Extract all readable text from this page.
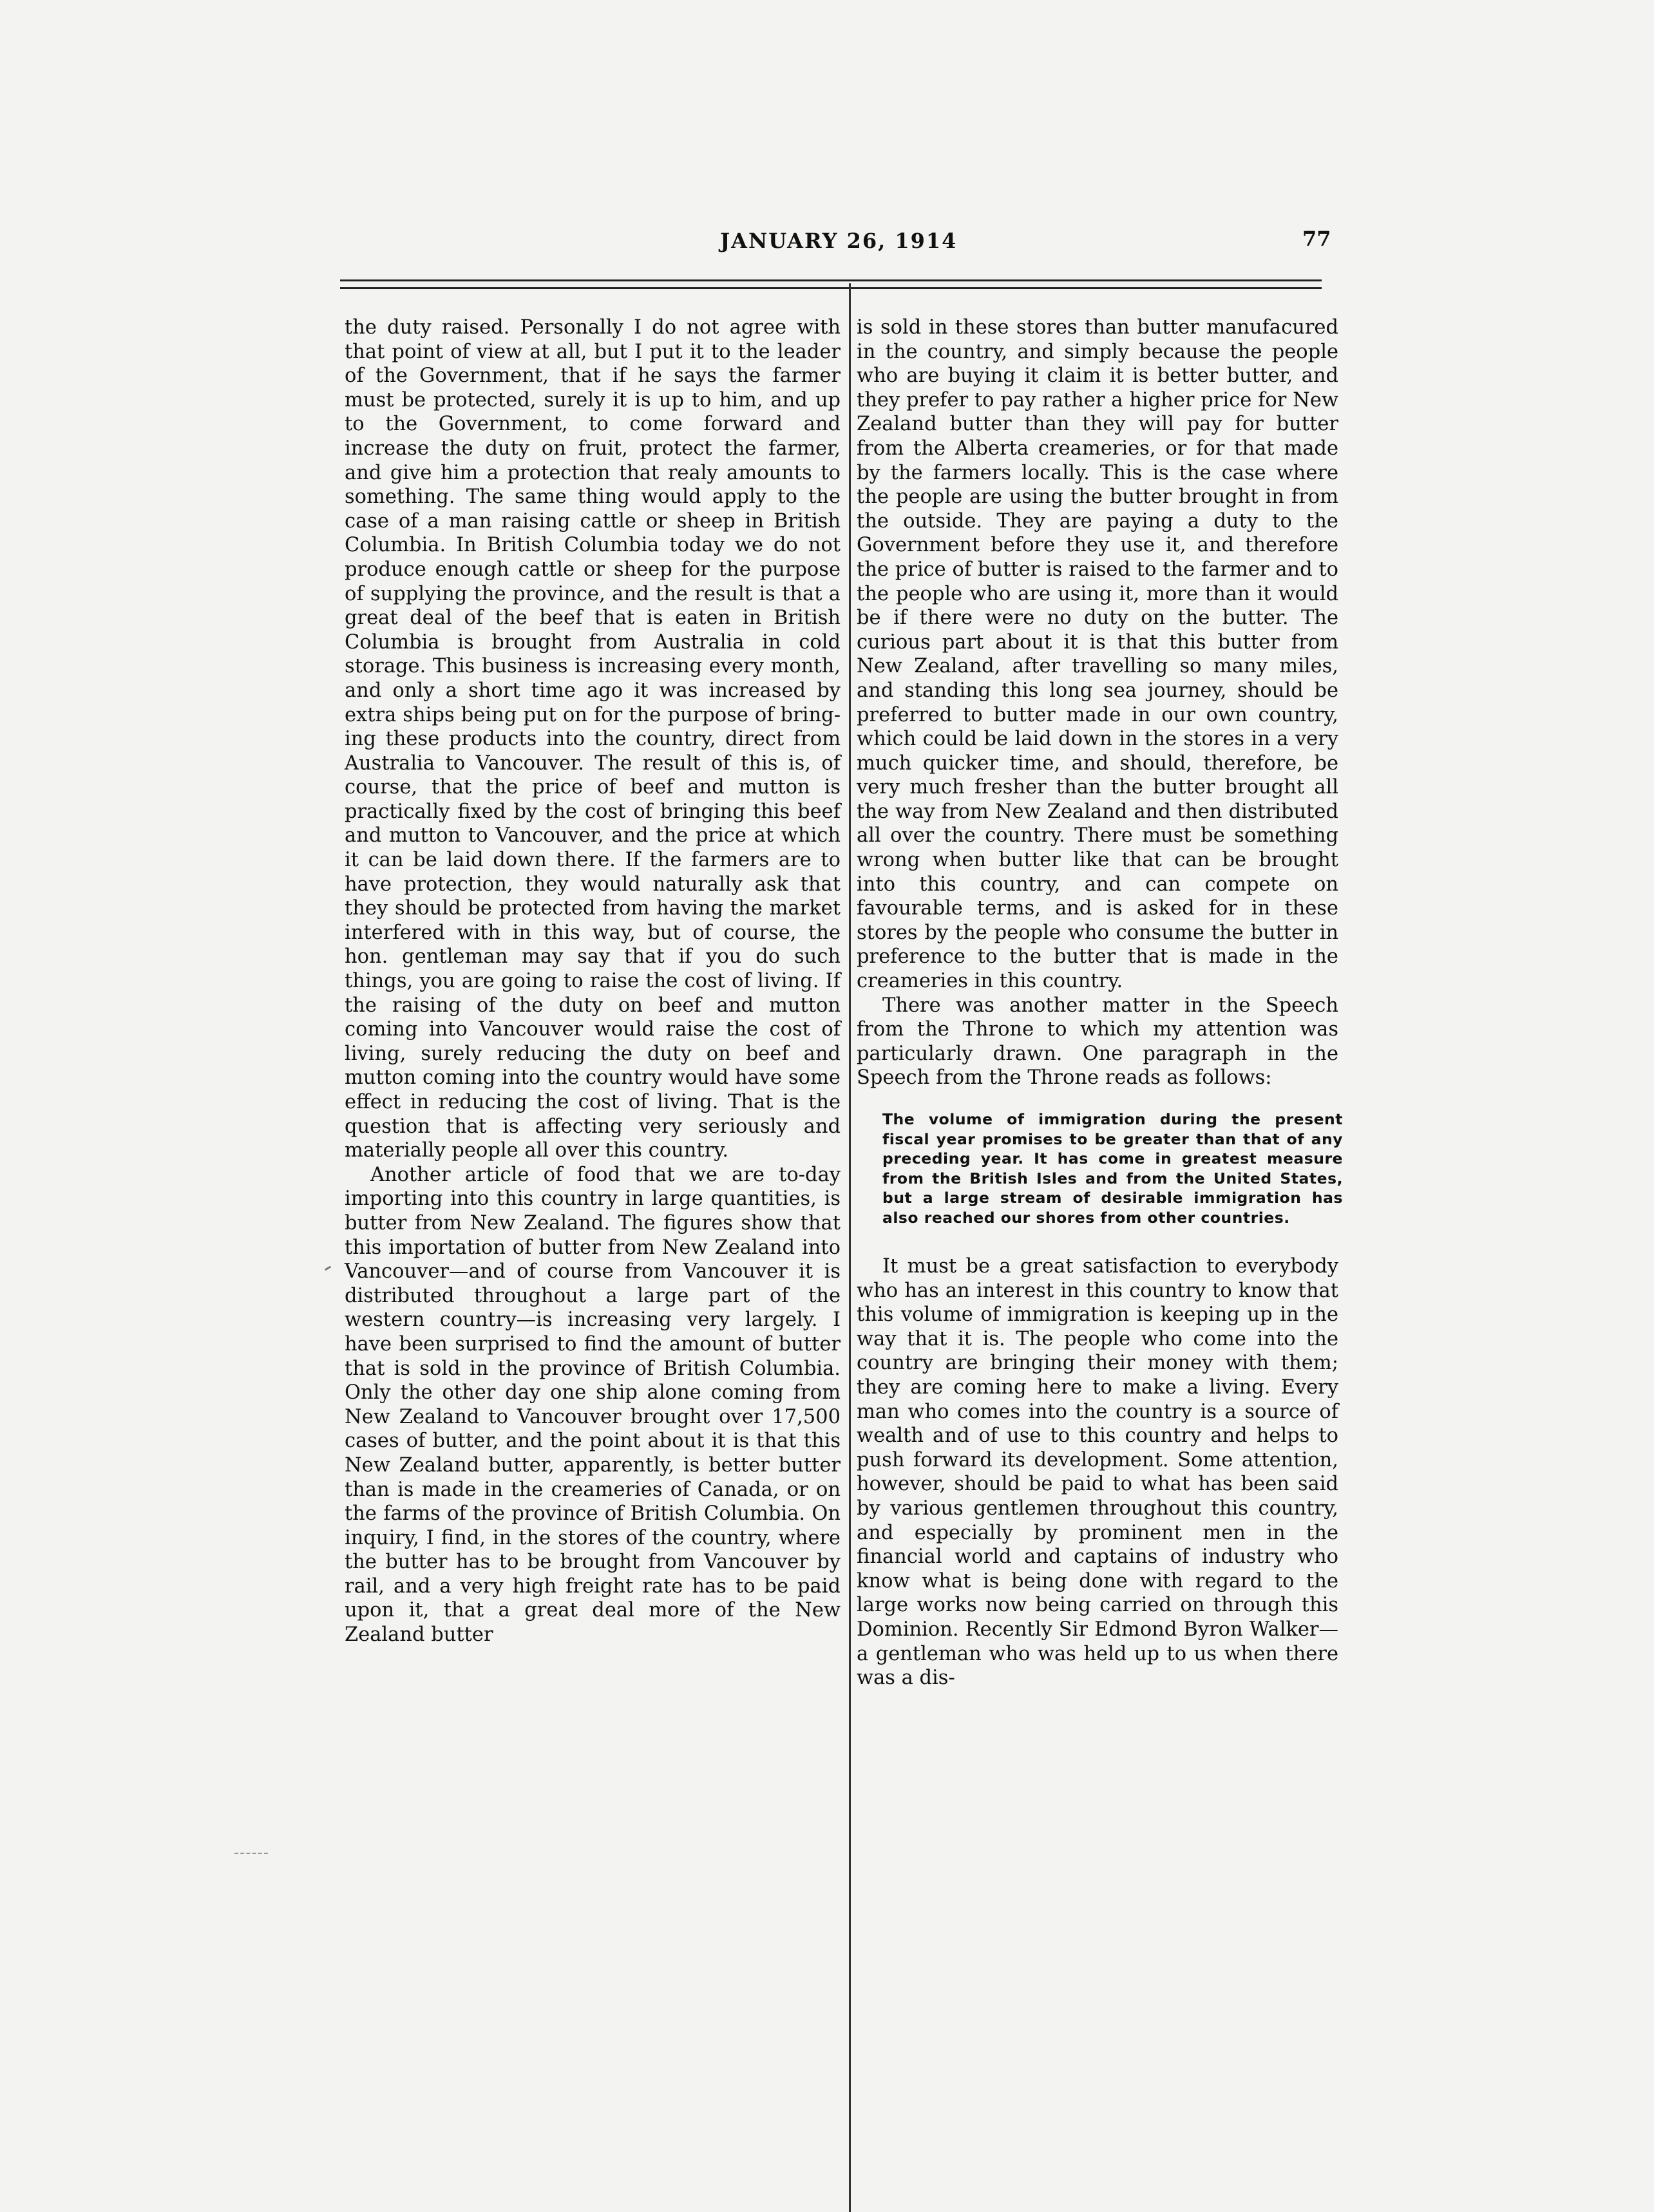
JANUARY 26, 1914	77

the duty raised. Personally I do not agree with that point of view at all, but I put it to the leader of the Government, that if he says the farmer must be protected, surely it is up to him, and up to the Government, to come forward and increase the duty on fruit, protect the farmer, and give him a protection that realy amounts to something. The same thing would apply to the case of a man raising cattle or sheep in British Columbia. In British Columbia today we do not produce enough cattle or sheep for the purpose of supplying the province, and the result is that a great deal of the beef that is eaten in British Columbia is brought from Australia in cold storage. This business is increasing every month, and only a short time ago it was increased by extra ships being put on for the purpose of bringing these products into the country, direct from Australia to Vancouver. The result of this is, of course, that the price of beef and mutton is practically fixed by the cost of bringing this beef and mutton to Vancouver, and the price at which it can be laid down there. If the farmers are to have protection, they would naturally ask that they should be protected from having the market interfered with in this way, but of course, the hon. gentleman may say that if you do such things, you are going to raise the cost of living. If the raising of the duty on beef and mutton coming into Vancouver would raise the cost of living, surely reducing the duty on beef and mutton coming into the country would have some effect in reducing the cost of living. That is the question that is affecting very seriously and materially people all over this country.

Another article of food that we are to-day importing into this country in large quantities, is butter from New Zealand. The figures show that this importation of butter from New Zealand into Vancouver—and of course from Vancouver it is distributed throughout a large part of the western country—is increasing very largely. I have been surprised to find the amount of butter that is sold in the province of British Columbia. Only the other day one ship alone coming from New Zealand to Vancouver brought over 17,500 cases of butter, and the point about it is that this New Zealand butter, apparently, is better butter than is made in the creameries of Canada, or on the farms of the province of British Columbia. On inquiry, I find, in the stores of the country, where the butter has to be brought from Vancouver by rail, and a very high freight rate has to be paid upon it, that a great deal more of the New Zealand butter

is sold in these stores than butter manufacured in the country, and simply because the people who are buying it claim it is better butter, and they prefer to pay rather a higher price for New Zealand butter than they will pay for butter from the Alberta creameries, or for that made by the farmers locally. This is the case where the people are using the butter brought in from the outside. They are paying a duty to the Government before they use it, and therefore the price of butter is raised to the farmer and to the people who are using it, more than it would be if there were no duty on the butter. The curious part about it is that this butter from New Zealand, after travelling so many miles, and standing this long sea journey, should be preferred to butter made in our own country, which could be laid down in the stores in a very much quicker time, and should, therefore, be very much fresher than the butter brought all the way from New Zealand and then distributed all over the country. There must be something wrong when butter like that can be brought into this country, and can compete on favourable terms, and is asked for in these stores by the people who consume the butter in preference to the butter that is made in the creameries in this country.

There was another matter in the Speech from the Throne to which my attention was particularly drawn. One paragraph in the Speech from the Throne reads as follows:

The volume of immigration during the present fiscal year promises to be greater than that of any preceding year. It has come in greatest measure from the British Isles and from the United States, but a large stream of desirable immigration has also reached our shores from other countries.

It must be a great satisfaction to everybody who has an interest in this country to know that this volume of immigration is keeping up in the way that it is. The people who come into the country are bringing their money with them; they are coming here to make a living. Every man who comes into the country is a source of wealth and of use to this country and helps to push forward its development. Some attention, however, should be paid to what has been said by various gentlemen throughout this country, and especially by prominent men in the financial world and captains of industry who know what is being done with regard to the large works now being carried on through this Dominion. Recently Sir Edmond Byron Walker—a gentleman who was held up to us when there was a dis-
